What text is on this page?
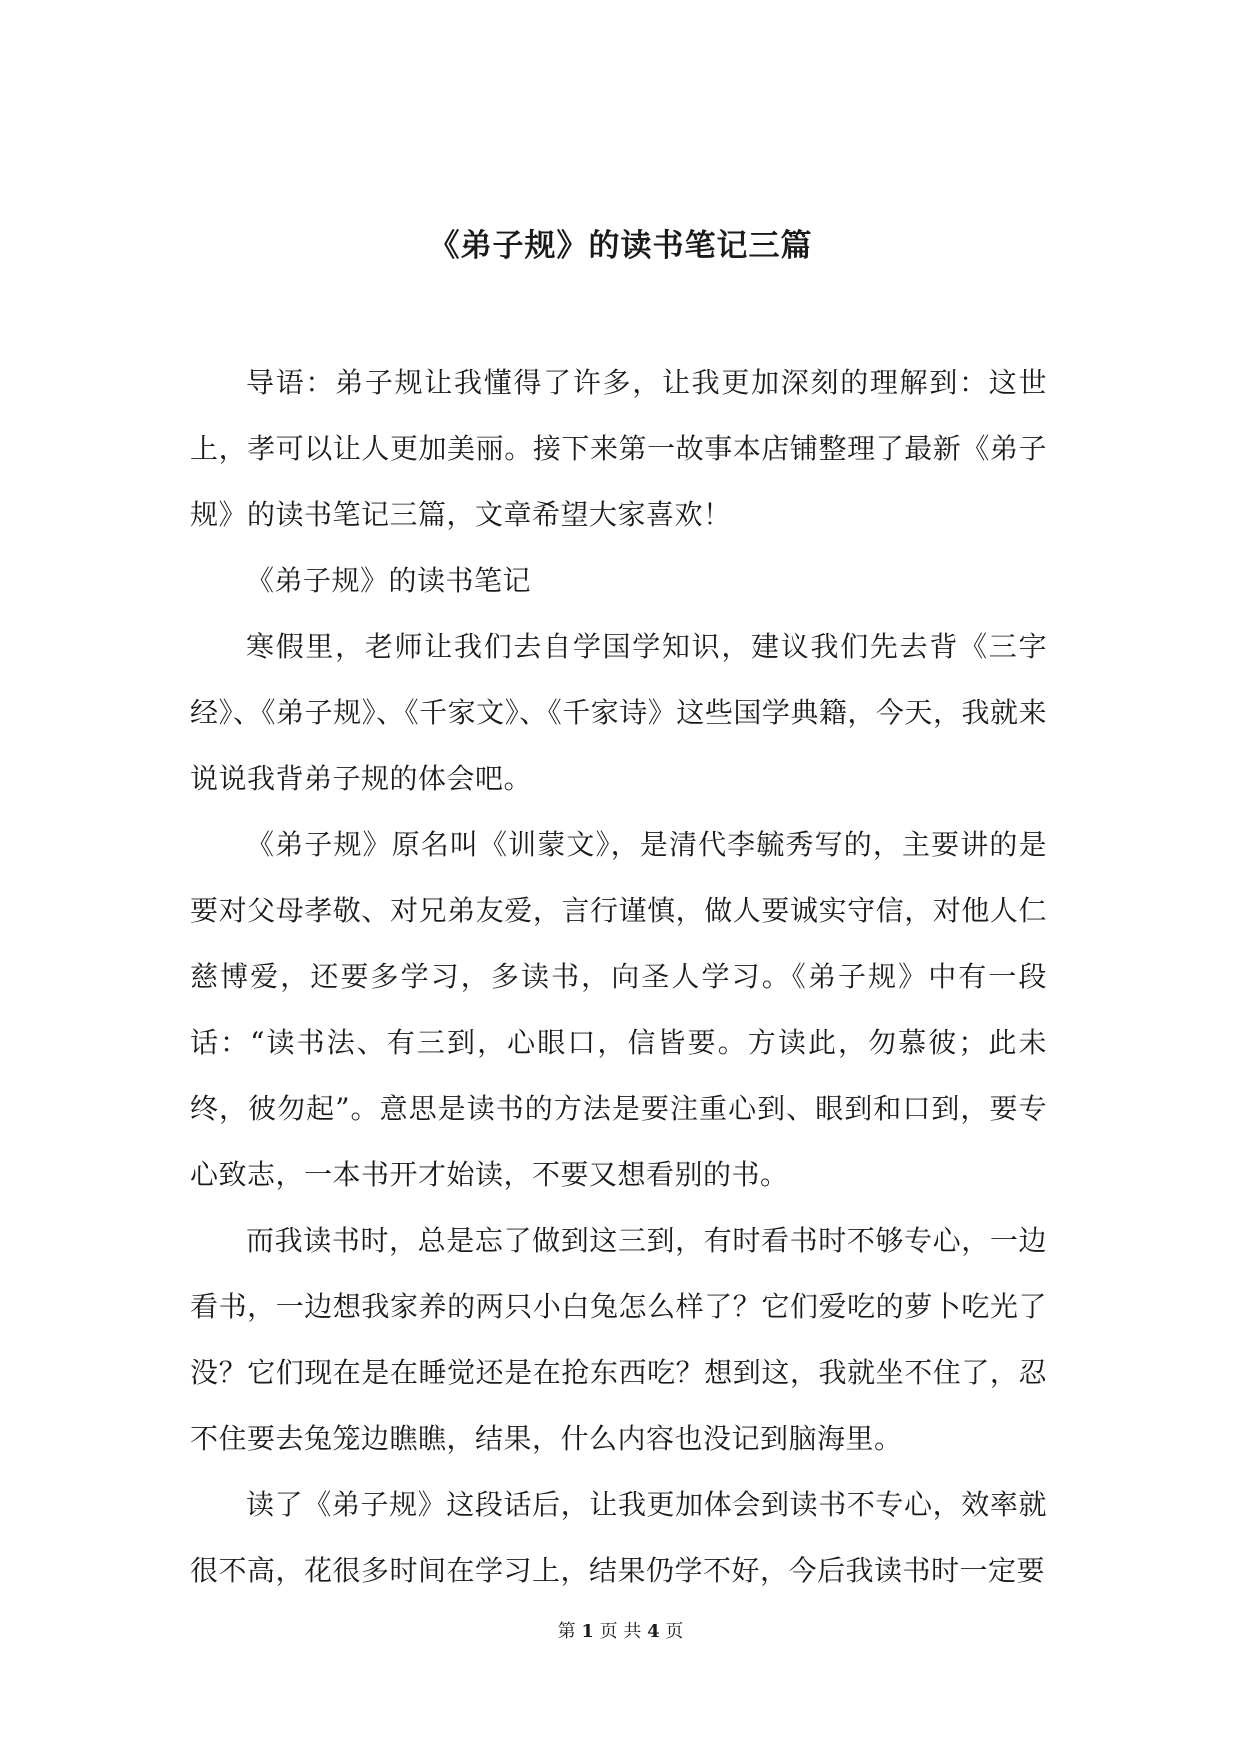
《弟子规》的读书笔记三篇

导语：弟子规让我懂得了许多，让我更加深刻的理解到：这世上，孝可以让人更加美丽。接下来第一故事本店铺整理了最新《弟子规》的读书笔记三篇，文章希望大家喜欢！

《弟子规》的读书笔记

寒假里，老师让我们去自学国学知识，建议我们先去背《三字经》、《弟子规》、《千家文》、《千家诗》这些国学典籍，今天，我就来说说我背弟子规的体会吧。

《弟子规》原名叫《训蒙文》，是清代李毓秀写的，主要讲的是要对父母孝敬、对兄弟友爱，言行谨慎，做人要诚实守信，对他人仁慈博爱，还要多学习，多读书，向圣人学习。《弟子规》中有一段话：“读书法、有三到，心眼口，信皆要。方读此，勿慕彼；此未终，彼勿起”。意思是读书的方法是要注重心到、眼到和口到，要专心致志，一本书开才始读，不要又想看别的书。

而我读书时，总是忘了做到这三到，有时看书时不够专心，一边看书，一边想我家养的两只小白兔怎么样了？它们爱吃的萝卜吃光了没？它们现在是在睡觉还是在抢东西吃？想到这，我就坐不住了，忍不住要去兔笼边瞧瞧，结果，什么内容也没记到脑海里。

读了《弟子规》这段话后，让我更加体会到读书不专心，效率就很不高，花很多时间在学习上，结果仍学不好，今后我读书时一定要

第 1 页 共 4 页
